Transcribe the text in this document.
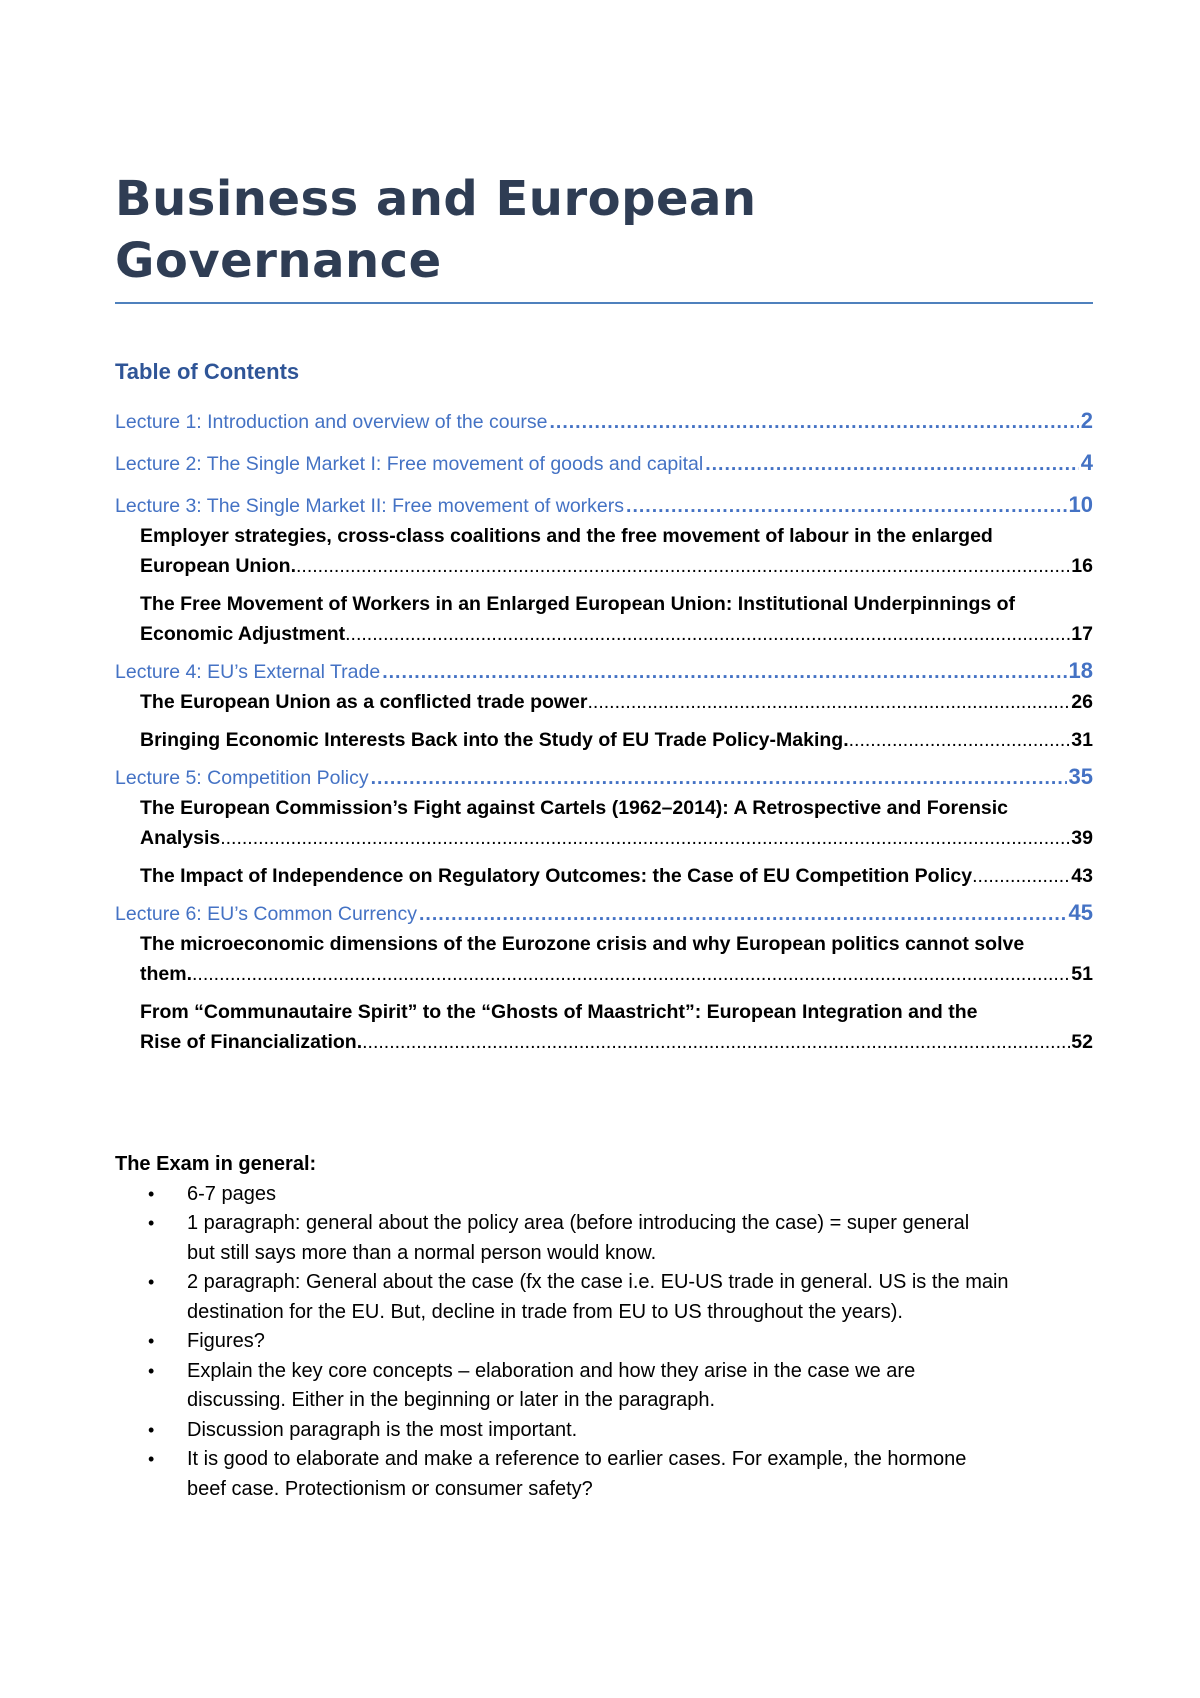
Business and European Governance
Table of Contents
Lecture 1: Introduction and overview of the course .....	2
Lecture 2: The Single Market I: Free movement of goods and capital .....	4
Lecture 3: The Single Market II: Free movement of workers .....	10
Employer strategies, cross-class coalitions and the free movement of labour in the enlarged
European Union. .....	16
The Free Movement of Workers in an Enlarged European Union: Institutional Underpinnings of
Economic Adjustment .....	17
Lecture 4: EU’s External Trade .....	18
The European Union as a conflicted trade power .....	26
Bringing Economic Interests Back into the Study of EU Trade Policy-Making. .....	31
Lecture 5: Competition Policy .....	35
The European Commission’s Fight against Cartels (1962–2014): A Retrospective and Forensic
Analysis .....	39
The Impact of Independence on Regulatory Outcomes: the Case of EU Competition Policy .....	43
Lecture 6: EU’s Common Currency .....	45
The microeconomic dimensions of the Eurozone crisis and why European politics cannot solve
them. .....	51
From “Communautaire Spirit” to the “Ghosts of Maastricht”: European Integration and the
Rise of Financialization. .....	52
The Exam in general:
• 6-7 pages
• 1 paragraph: general about the policy area (before introducing the case) = super general
but still says more than a normal person would know.
• 2 paragraph: General about the case (fx the case i.e. EU-US trade in general. US is the main
destination for the EU. But, decline in trade from EU to US throughout the years).
• Figures?
• Explain the key core concepts – elaboration and how they arise in the case we are
discussing. Either in the beginning or later in the paragraph.
• Discussion paragraph is the most important.
• It is good to elaborate and make a reference to earlier cases. For example, the hormone
beef case. Protectionism or consumer safety?
